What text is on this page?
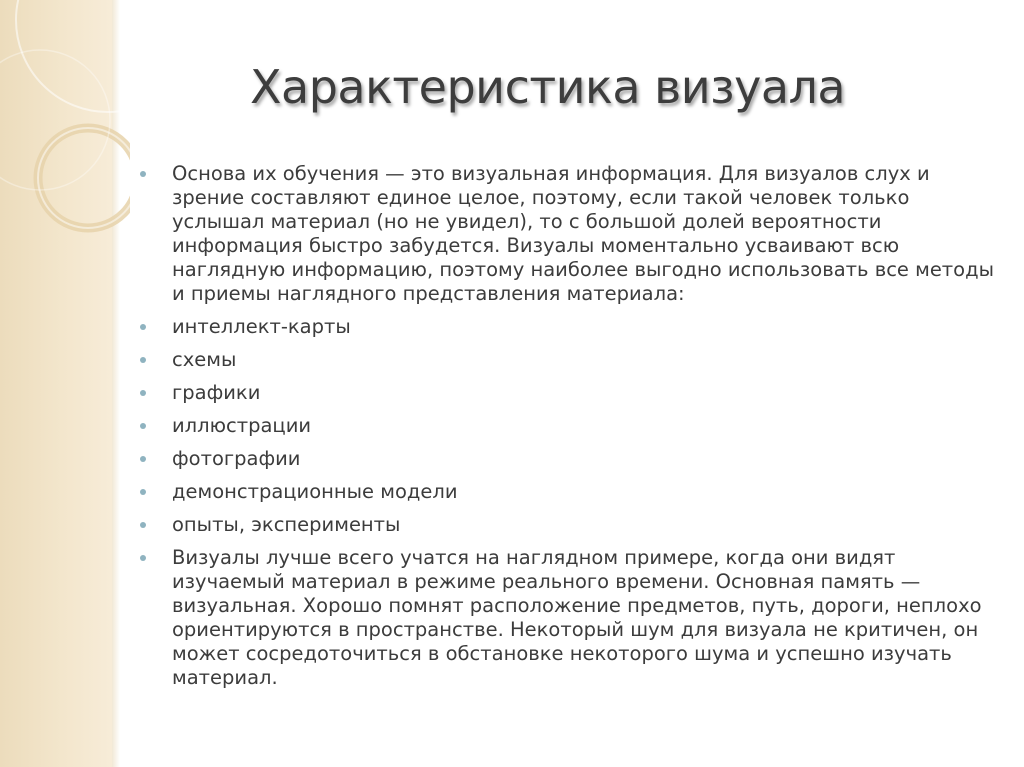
Характеристика визуала
Основа их обучения — это визуальная информация. Для визуалов слух и зрение составляют единое целое, поэтому, если такой человек только услышал материал (но не увидел), то с большой долей вероятности информация быстро забудется. Визуалы моментально усваивают всю наглядную информацию, поэтому наиболее выгодно использовать все методы и приемы наглядного представления материала:
интеллект-карты
схемы
графики
иллюстрации
фотографии
демонстрационные модели
опыты, эксперименты
Визуалы лучше всего учатся на наглядном примере, когда они видят изучаемый материал в режиме реального времени. Основная память — визуальная. Хорошо помнят расположение предметов, путь, дороги, неплохо ориентируются в пространстве. Некоторый шум для визуала не критичен, он может сосредоточиться в обстановке некоторого шума и успешно изучать материал.
